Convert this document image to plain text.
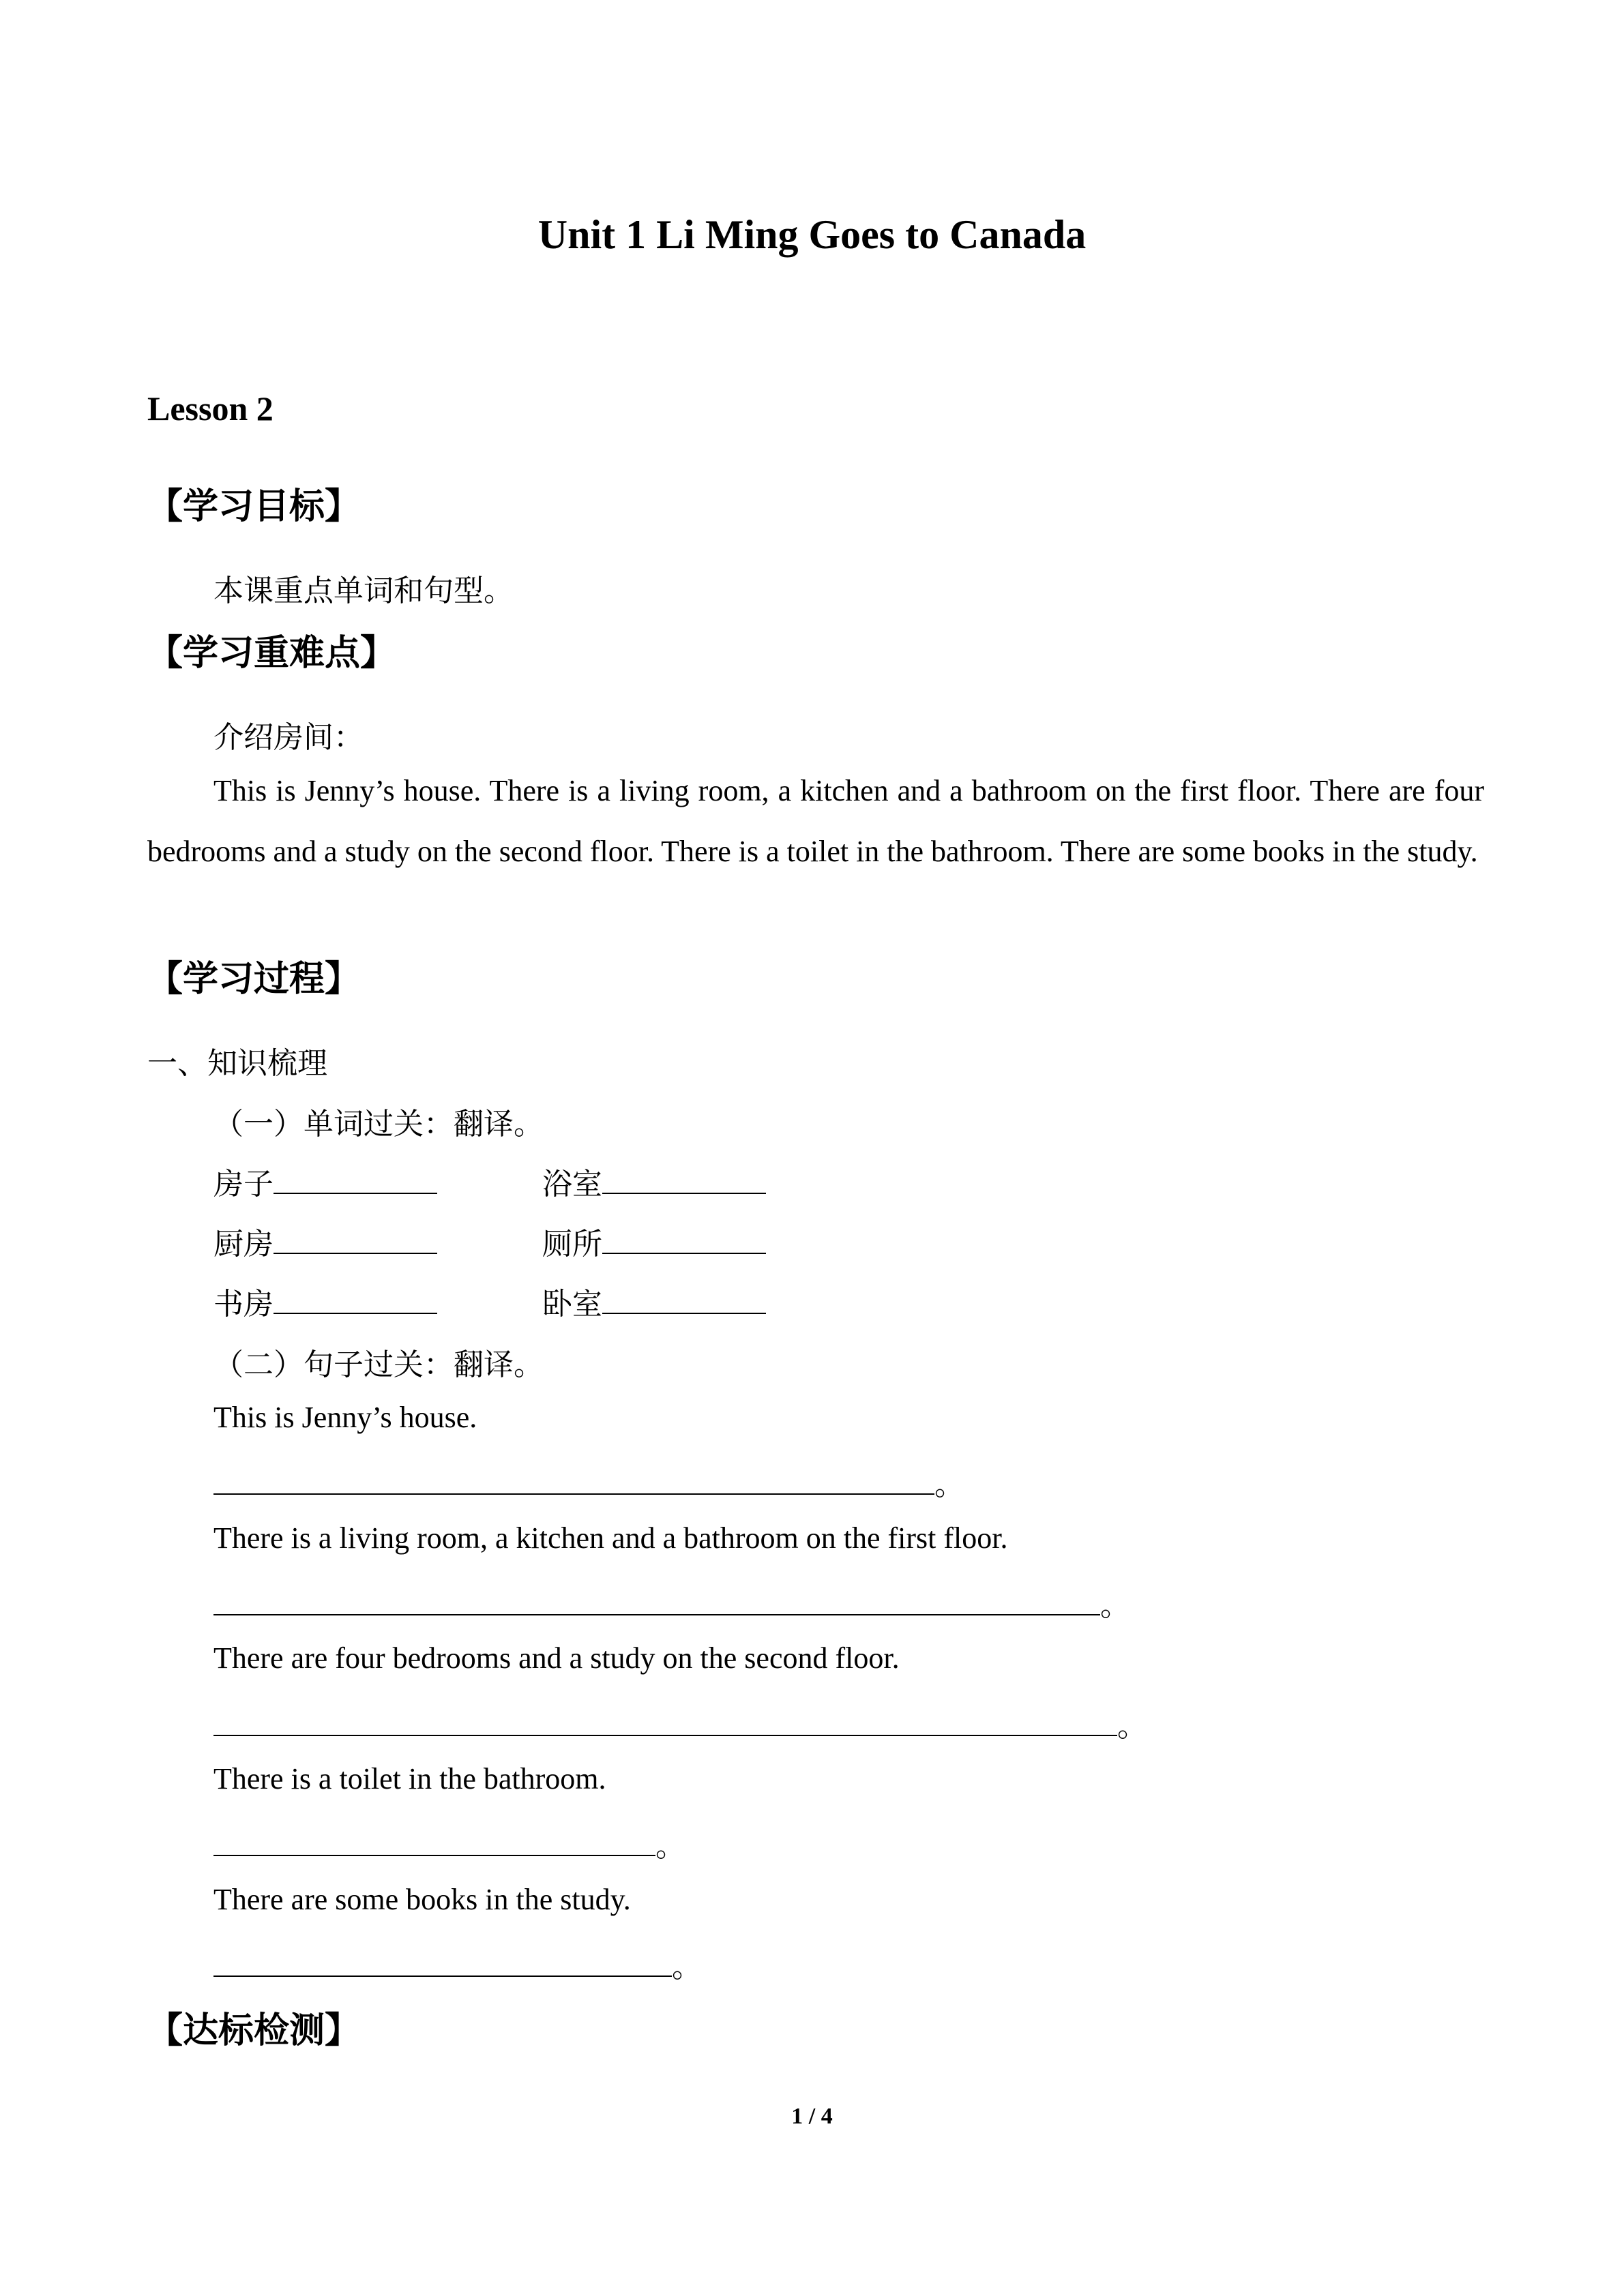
Unit 1 Li Ming Goes to Canada
Lesson 2
【学习目标】
本课重点单词和句型。
【学习重难点】
介绍房间：
This is Jenny’s house. There is a living room, a kitchen and a bathroom on the first floor. There are four bedrooms and a study on the second floor. There is a toilet in the bathroom. There are some books in the study.
【学习过程】
一、知识梳理
（一）单词过关：翻译。
房子	浴室
厨房	厕所
书房	卧室
（二）句子过关：翻译。
This is Jenny’s house.
。
There is a living room, a kitchen and a bathroom on the first floor.
。
There are four bedrooms and a study on the second floor.
。
There is a toilet in the bathroom.
。
There are some books in the study.
。
【达标检测】
1 / 4
